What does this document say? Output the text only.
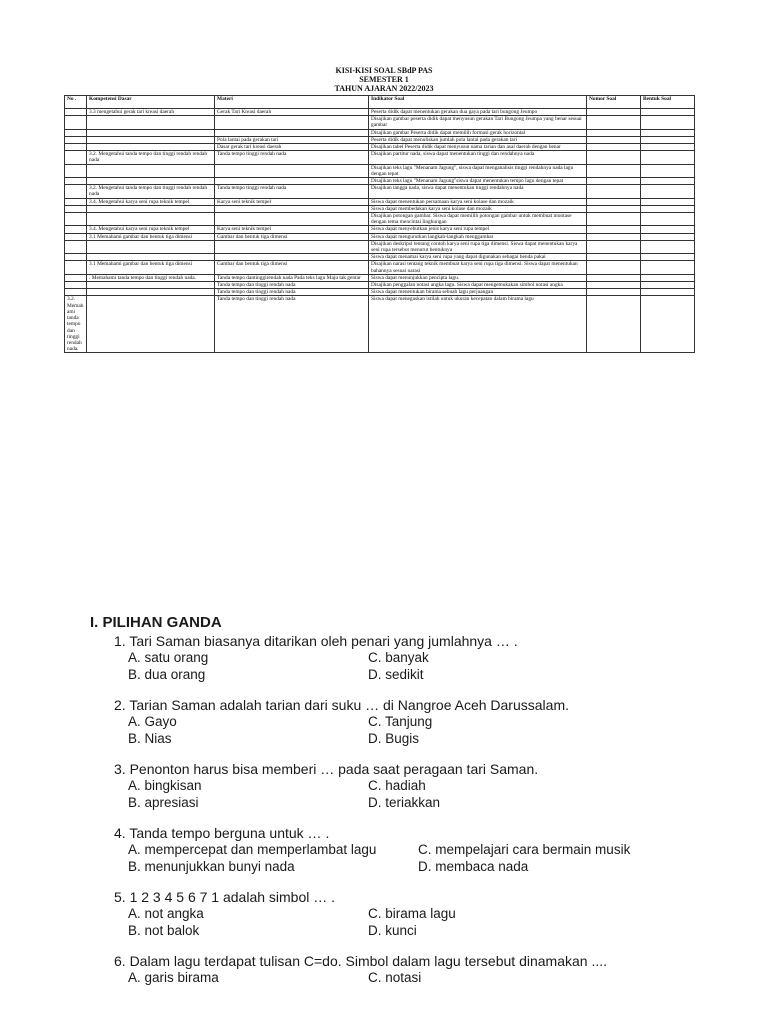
KISI-KISI SOAL SBdP PAS
SEMESTER 1
TAHUN AJARAN 2022/2023
No .	Kompetensi Dasar	Materi	Indikator Soal	Nomor Soal	Bentuk Soal
	3.3 mengetahui gerak tari kreasi daerah	Gerak Tari Kreasi daerah	Peserta didik dapat menentukan gerakan dua gaya pada tari bungong Jeumpo		
			Disajikan gambar peserta didik dapat menyusun gerakan Tari Bungong Jeumpa yang benar sesuai gambar		
			Disajikan gambar Peserta didik dapat memilih formasi gerak horizontal		
		Pola lantai pada gerakan tari	Peserta didik dapat menuliskan jumlah pola lantai pada gerakan tari		
		Dasar gerak tari kreasi daerah	Disajikan tabel Peserta didik dapat menyusun nama tarian dan asal daerah dengan benar		
	3.2. Mengetahui tanda tempo dan tinggi rendah rendah nada	Tanda tempo tinggi rendah nada	Disajikan partitur nada, siswa dapat menentukan tinggi dan rendahnya nada		
			Disajikan teks lagu "Menanam Jagung", siswa dapat menganalisis tinggi rendahnya nada lagu dengan tepat		
			Disajikan teks lagu "Menanam Jagung"siswa dapat menentukan tempo lagu dengan tepat		
	3.2. Mengetahui tanda tempo dan tinggi rendah rendah nada	Tanda tempo tinggi rendah nada	Disajikan tangga nada, siswa dapat menentukan tinggi rendahnya nada		
	3.4. Mengetahui karya seni rupa teknik tempel	Karya seni teknik tempel	Siswa dapat menentukan persamaan karya seni kolase dan mozaik		
			Siswa dapat membedakan karya seni kolase dan mozaik		
			Disajikan potongan gambar. Siswa dapat memilih potongan gambar untuk membuat montase dengan tema mencintai lingkungan		
	3.4. Mengetahui karya seni rupa teknik tempel	Karya seni teknik tempel	Siswa dapat menyebutkan jenis karya seni rupa tempel		
	3.1 Memahami gambar dan bentuk tiga dimensi	Gambar dan bentuk tiga dimensi	Siswa dapat mengurutkan langkah-langkah menggambar		
			Disajikan deskripsi tentang contoh karya seni rupa tiga dimensi. Siswa dapat menentukan karya seni rupa tersebut menurut bentuknya		
			Siswa dapat menamai karya seni rupa yang dapat digunakan sebagai benda pakai		
	3.1 Memahami gambar dan bentuk tiga dimensi	Gambar dan bentuk tiga dimensi	Disajikan narasi tentang teknik membuat karya seni rupa tiga dimensi. Siswa dapat menentukan bahannya sesuai narasi		
	. Memahami tanda tempo dan tinggi rendah nada.	Tanda tempo dantinggirendah nada Pada teks lagu Maju tak gentar	Siswa dapat menunjukkan pencipta lagu.		
		Tanda tempo dan tinggi rendah nada	Disajikan penggalan notasi angka lagu. Siswa dapat mengemukakan simbol notasi angka		
		Tanda tempo dan tinggi rendah nada	Siswa dapat menentukan birama sebuah lagu perjuangan		
3.2. Memahami tanda tempo dan tinggi rendah nada.		Tanda tempo dan tinggi rendah nada	Siswa dapat menegaskan istilah untuk ukuran kecepatan dalam birama lagu		
I. PILIHAN GANDA
1. Tari Saman biasanya ditarikan oleh penari yang jumlahnya … .
A. satu orang	C. banyak
B. dua orang	D. sedikit
2. Tarian Saman adalah tarian dari suku … di Nangroe Aceh Darussalam.
A. Gayo	C. Tanjung
B. Nias	D. Bugis
3. Penonton harus bisa memberi … pada saat peragaan tari Saman.
A. bingkisan	C. hadiah
B. apresiasi	D. teriakkan
4. Tanda tempo berguna untuk … .
A. mempercepat dan memperlambat lagu	C. mempelajari cara bermain musik
B. menunjukkan bunyi nada	D. membaca nada
5. 1 2 3 4 5 6 7 1 adalah simbol … .
A. not angka	C. birama lagu
B. not balok	D. kunci
6. Dalam lagu terdapat tulisan C=do. Simbol dalam lagu tersebut dinamakan ....
A. garis birama	C. notasi
